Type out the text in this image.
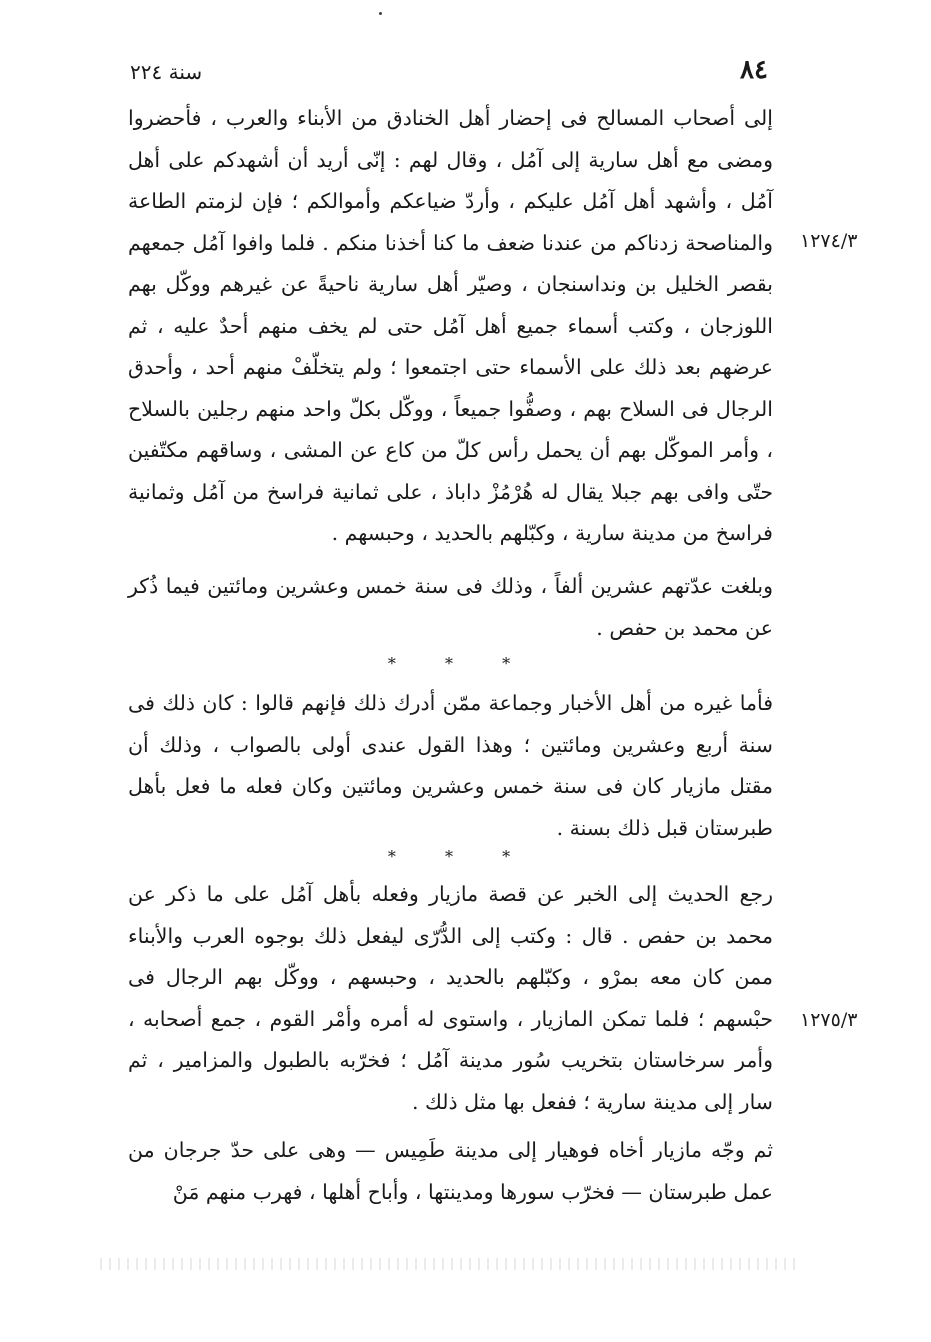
سنة ٢٢٤	٨٤
١٢٧٤/٣
١٢٧٥/٣

إلى أصحاب المسالح فى إحضار أهل الخنادق من الأبناء والعرب ، فأحضروا ومضى مع أهل سارية إلى آمُل ، وقال لهم : إنّى أريد أن أشهدكم على أهل آمُل ، وأشهد أهل آمُل عليكم ، وأردّ ضياعكم وأموالكم ؛ فإن لزمتم الطاعة والمناصحة زدناكم من عندنا ضعف ما كنا أخذنا منكم . فلما وافوا آمُل جمعهم بقصر الخليل بن ونداسنجان ، وصيّر أهل سارية ناحيةً عن غيرهم ووكّل بهم اللوزجان ، وكتب أسماء جميع أهل آمُل حتى لم يخف منهم أحدٌ عليه ، ثم عرضهم بعد ذلك على الأسماء حتى اجتمعوا ؛ ولم يتخلّفْ منهم أحد ، وأحدق الرجال فى السلاح بهم ، وصفُّوا جميعاً ، ووكّل بكلّ واحد منهم رجلين بالسلاح ، وأمر الموكّل بهم أن يحمل رأس كلّ من كاع عن المشى ، وساقهم مكتّفين حتّى وافى بهم جبلا يقال له هُرْمُزْ داباذ ، على ثمانية فراسخ من آمُل وثمانية فراسخ من مدينة سارية ، وكبّلهم بالحديد ، وحبسهم .

وبلغت عدّتهم عشرين ألفاً ، وذلك فى سنة خمس وعشرين ومائتين فيما ذُكر عن محمد بن حفص .

* * *

فأما غيره من أهل الأخبار وجماعة ممّن أدرك ذلك فإنهم قالوا : كان ذلك فى سنة أربع وعشرين ومائتين ؛ وهذا القول عندى أولى بالصواب ، وذلك أن مقتل مازيار كان فى سنة خمس وعشرين ومائتين وكان فعله ما فعل بأهل طبرستان قبل ذلك بسنة .

* * *

رجع الحديث إلى الخبر عن قصة مازيار وفعله بأهل آمُل على ما ذكر عن محمد بن حفص . قال : وكتب إلى الدُّرّى ليفعل ذلك بوجوه العرب والأبناء ممن كان معه بمرْو ، وكبّلهم بالحديد ، وحبسهم ، ووكّل بهم الرجال فى حبْسهم ؛ فلما تمكن المازيار ، واستوى له أمره وأمْر القوم ، جمع أصحابه ، وأمر سرخاستان بتخريب سُور مدينة آمُل ؛ فخرّبه بالطبول والمزامير ، ثم سار إلى مدينة سارية ؛ ففعل بها مثل ذلك .

ثم وجّه مازيار أخاه فوهيار إلى مدينة طَمِيس — وهى على حدّ جرجان من عمل طبرستان — فخرّب سورها ومدينتها ، وأباح أهلها ، فهرب منهم مَنْ
